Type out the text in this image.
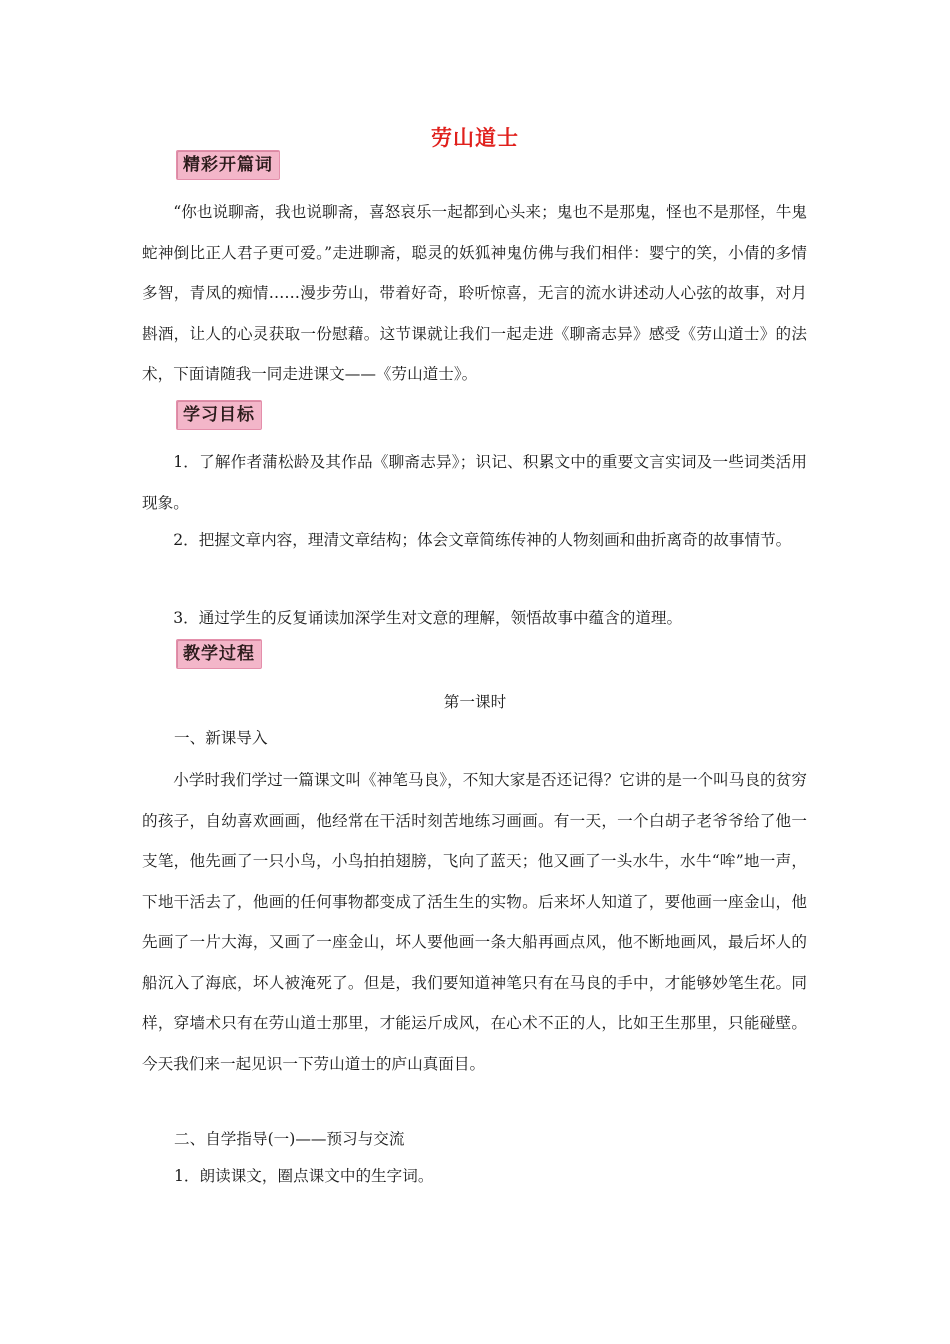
劳山道士
精彩开篇词

“你也说聊斋，我也说聊斋，喜怒哀乐一起都到心头来；鬼也不是那鬼，怪也不是那怪，牛鬼蛇神倒比正人君子更可爱。”走进聊斋，聪灵的妖狐神鬼仿佛与我们相伴：婴宁的笑，小倩的多情多智，青凤的痴情……漫步劳山，带着好奇，聆听惊喜，无言的流水讲述动人心弦的故事，对月斟酒，让人的心灵获取一份慰藉。这节课就让我们一起走进《聊斋志异》感受《劳山道士》的法术，下面请随我一同走进课文——《劳山道士》。

学习目标

1．了解作者蒲松龄及其作品《聊斋志异》；识记、积累文中的重要文言实词及一些词类活用现象。

2．把握文章内容，理清文章结构；体会文章简练传神的人物刻画和曲折离奇的故事情节。

3．通过学生的反复诵读加深学生对文意的理解，领悟故事中蕴含的道理。

教学过程
第一课时
一、新课导入

小学时我们学过一篇课文叫《神笔马良》，不知大家是否还记得？它讲的是一个叫马良的贫穷的孩子，自幼喜欢画画，他经常在干活时刻苦地练习画画。有一天，一个白胡子老爷爷给了他一支笔，他先画了一只小鸟，小鸟拍拍翅膀，飞向了蓝天；他又画了一头水牛，水牛“哞”地一声，下地干活去了，他画的任何事物都变成了活生生的实物。后来坏人知道了，要他画一座金山，他先画了一片大海，又画了一座金山，坏人要他画一条大船再画点风，他不断地画风，最后坏人的船沉入了海底，坏人被淹死了。但是，我们要知道神笔只有在马良的手中，才能够妙笔生花。同样，穿墙术只有在劳山道士那里，才能运斤成风，在心术不正的人，比如王生那里，只能碰壁。今天我们来一起见识一下劳山道士的庐山真面目。

二、自学指导(一)——预习与交流
1．朗读课文，圈点课文中的生字词。
